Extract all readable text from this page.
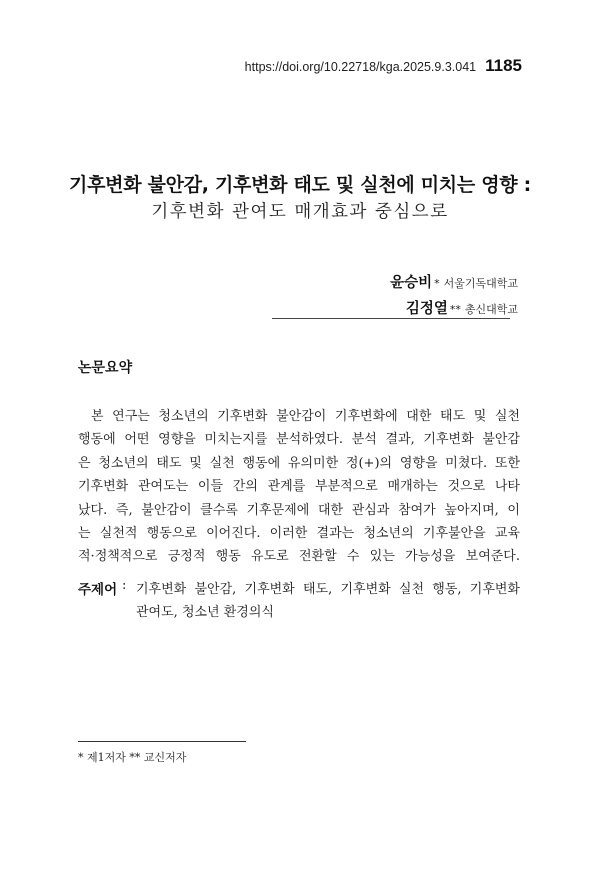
https://doi.org/10.22718/kga.2025.9.3.041 1185
기후변화 불안감, 기후변화 태도 및 실천에 미치는 영향 :
기후변화 관여도 매개효과 중심으로
윤승비 * 서울기독대학교
김정열 ** 총신대학교
논문요약

본 연구는 청소년의 기후변화 불안감이 기후변화에 대한 태도 및 실천
행동에 어떤 영향을 미치는지를 분석하였다. 분석 결과, 기후변화 불안감
은 청소년의 태도 및 실천 행동에 유의미한 정(+)의 영향을 미쳤다. 또한
기후변화 관여도는 이들 간의 관계를 부분적으로 매개하는 것으로 나타
났다. 즉, 불안감이 클수록 기후문제에 대한 관심과 참여가 높아지며, 이
는 실천적 행동으로 이어진다. 이러한 결과는 청소년의 기후불안을 교육
적·정책적으로 긍정적 행동 유도로 전환할 수 있는 가능성을 보여준다.

주제어 : 기후변화 불안감, 기후변화 태도, 기후변화 실천 행동, 기후변화
관여도, 청소년 환경의식
* 제1저자 ** 교신저자
